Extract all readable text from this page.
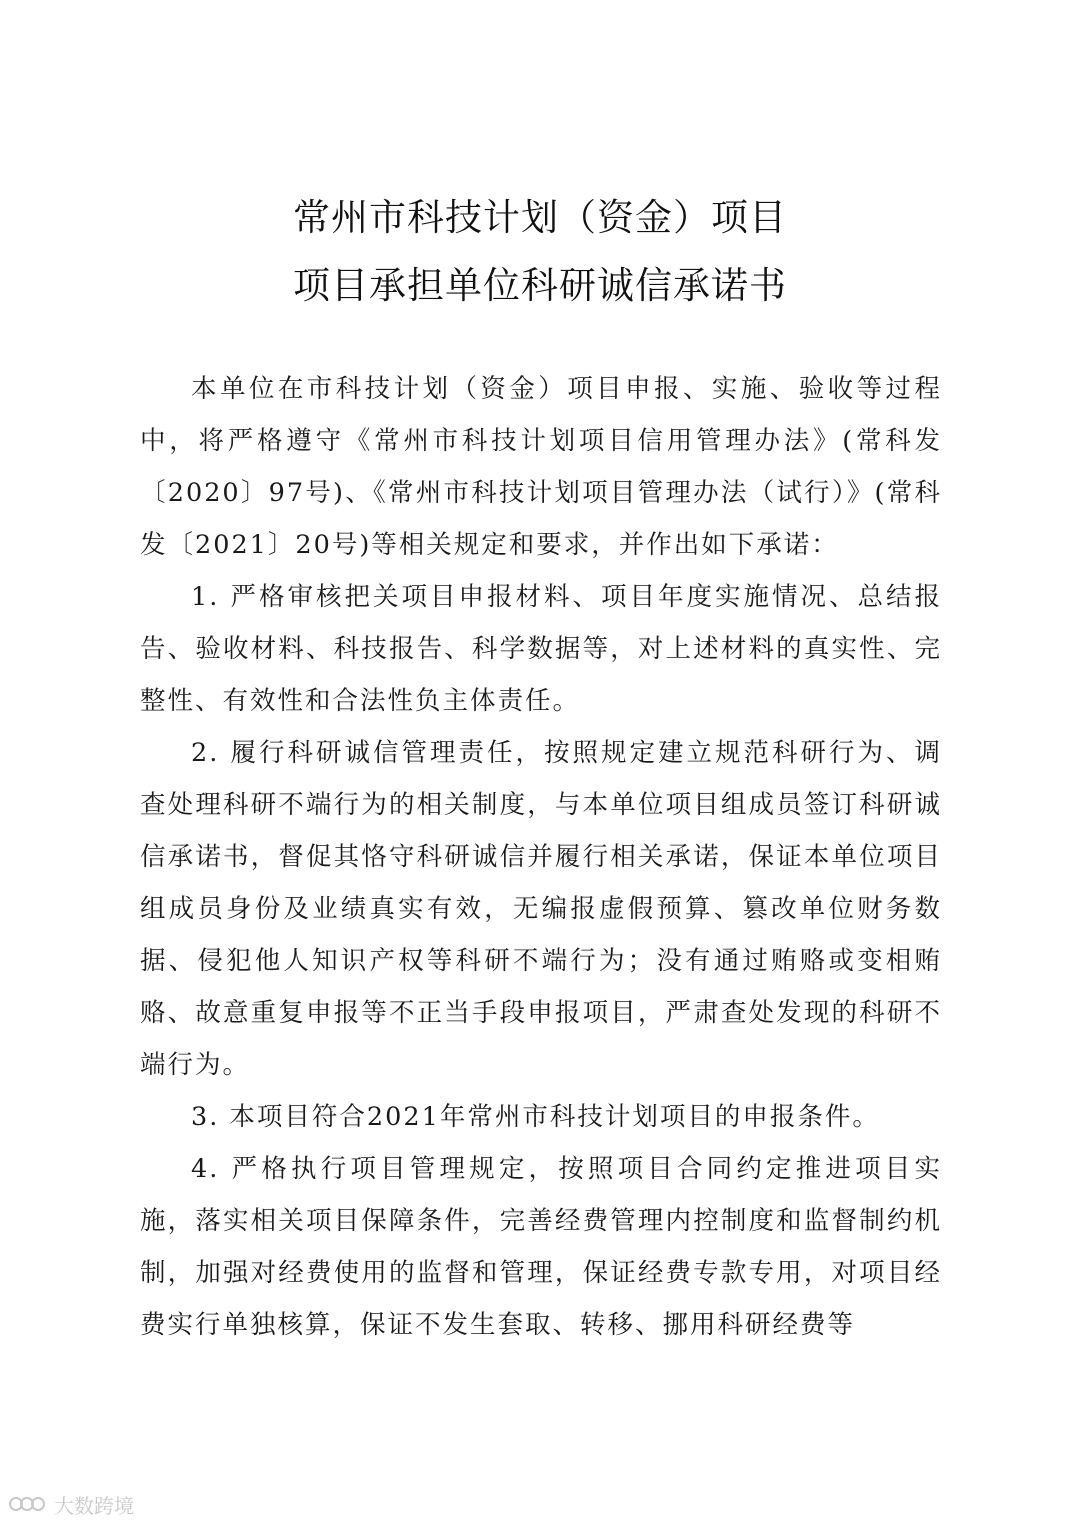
常州市科技计划（资金）项目
项目承担单位科研诚信承诺书

本单位在市科技计划（资金）项目申报、实施、验收等过程中，将严格遵守《常州市科技计划项目信用管理办法》(常科发〔2020〕97号)、《常州市科技计划项目管理办法（试行）》(常科发〔2021〕20号)等相关规定和要求，并作出如下承诺：

1. 严格审核把关项目申报材料、项目年度实施情况、总结报告、验收材料、科技报告、科学数据等，对上述材料的真实性、完整性、有效性和合法性负主体责任。

2. 履行科研诚信管理责任，按照规定建立规范科研行为、调查处理科研不端行为的相关制度，与本单位项目组成员签订科研诚信承诺书，督促其恪守科研诚信并履行相关承诺，保证本单位项目组成员身份及业绩真实有效，无编报虚假预算、篡改单位财务数据、侵犯他人知识产权等科研不端行为；没有通过贿赂或变相贿赂、故意重复申报等不正当手段申报项目，严肃查处发现的科研不端行为。

3. 本项目符合2021年常州市科技计划项目的申报条件。

4. 严格执行项目管理规定，按照项目合同约定推进项目实施，落实相关项目保障条件，完善经费管理内控制度和监督制约机制，加强对经费使用的监督和管理，保证经费专款专用，对项目经费实行单独核算，保证不发生套取、转移、挪用科研经费等

大数跨境
